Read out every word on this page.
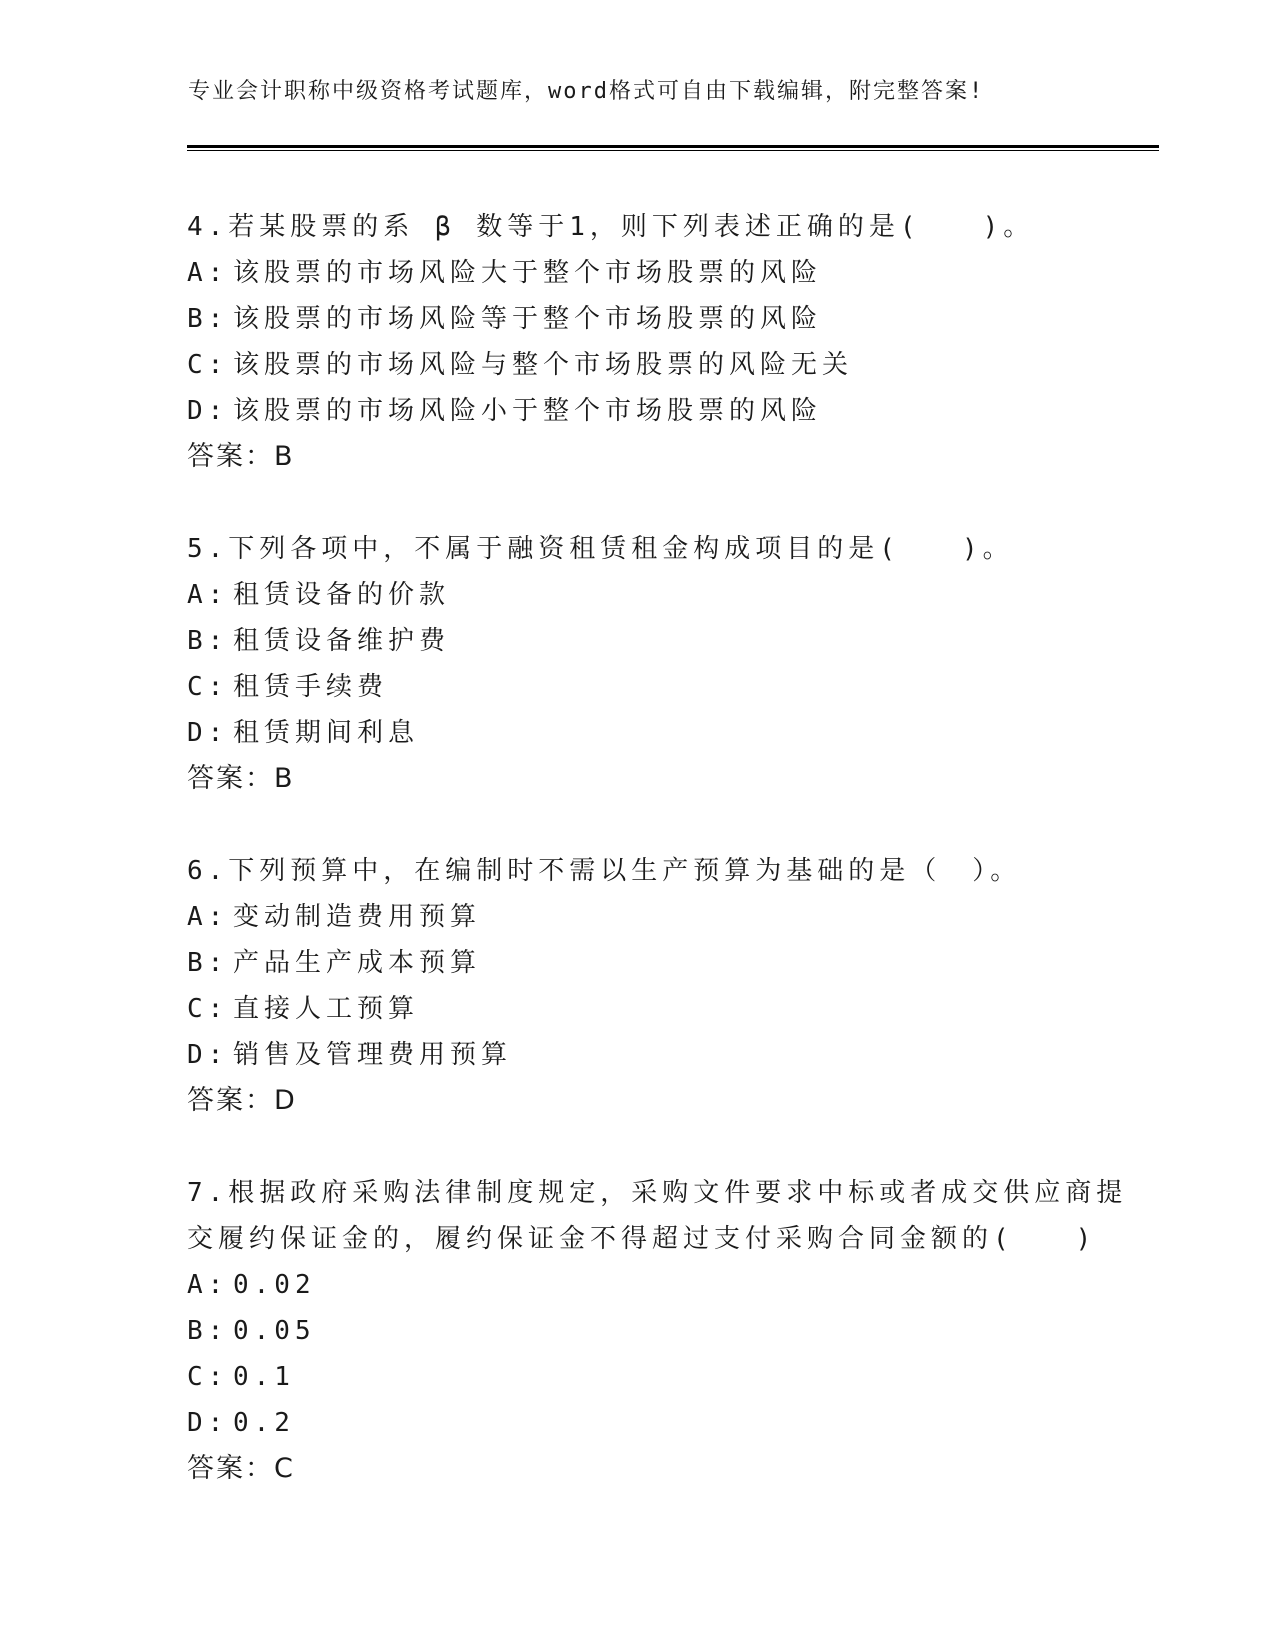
专业会计职称中级资格考试题库，word格式可自由下载编辑，附完整答案!
4.若某股票的系 β 数等于1，则下列表述正确的是(　　)。
A: 该股票的市场风险大于整个市场股票的风险
B: 该股票的市场风险等于整个市场股票的风险
C: 该股票的市场风险与整个市场股票的风险无关
D: 该股票的市场风险小于整个市场股票的风险
答案：B
5.下列各项中，不属于融资租赁租金构成项目的是(　　)。
A: 租赁设备的价款
B: 租赁设备维护费
C: 租赁手续费
D: 租赁期间利息
答案：B
6.下列预算中，在编制时不需以生产预算为基础的是（　）。
A: 变动制造费用预算
B: 产品生产成本预算
C: 直接人工预算
D: 销售及管理费用预算
答案：D
7.根据政府采购法律制度规定，采购文件要求中标或者成交供应商提
交履约保证金的，履约保证金不得超过支付采购合同金额的(　　)
A: 0.02
B: 0.05
C: 0.1
D: 0.2
答案：C
